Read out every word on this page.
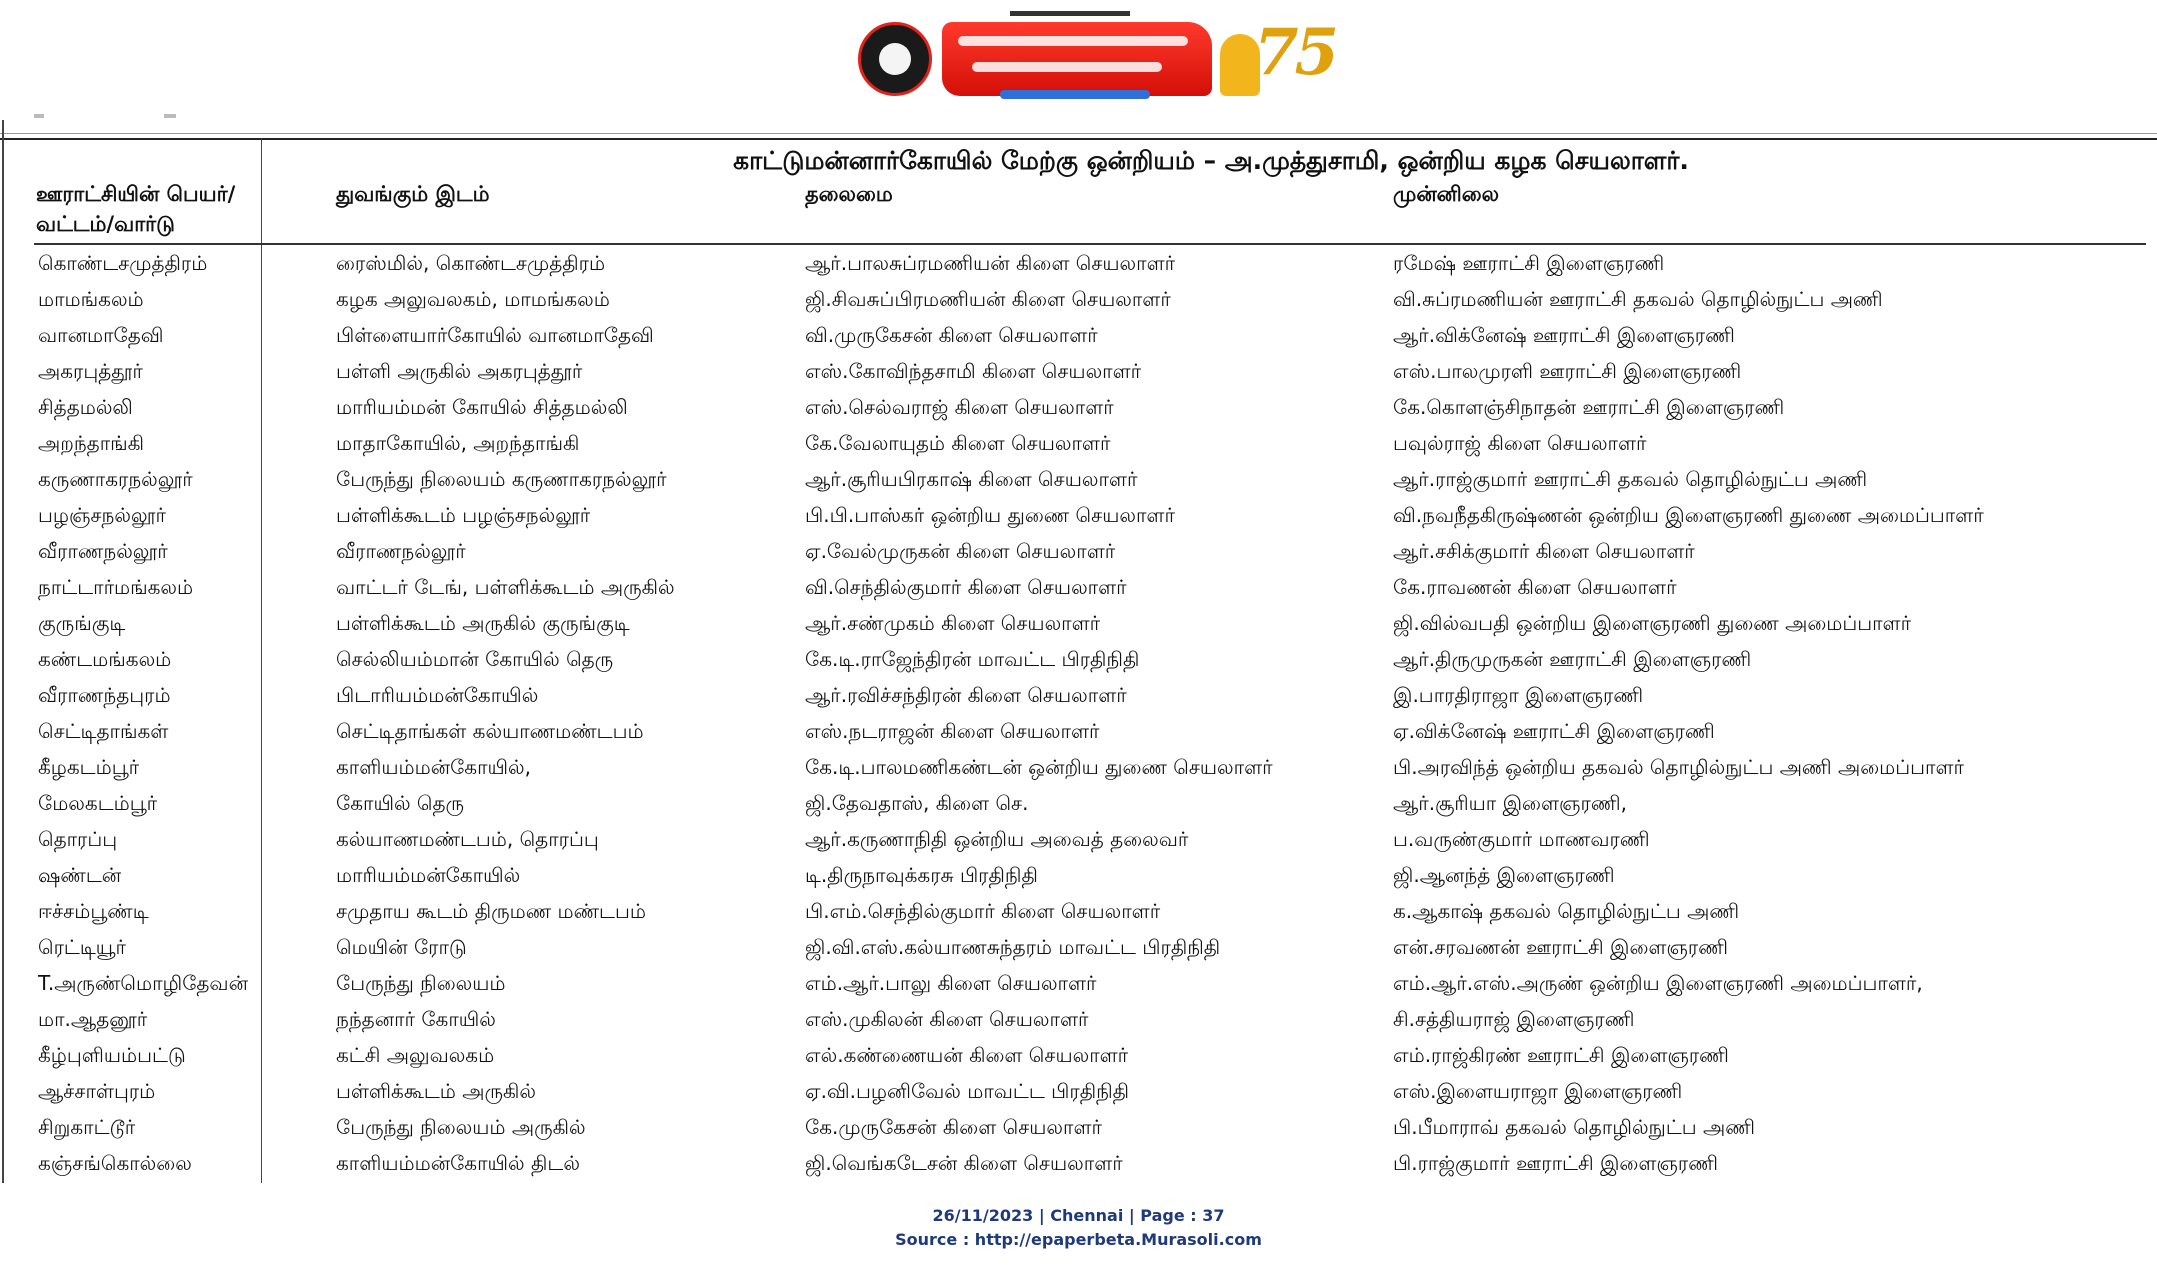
75
காட்டுமன்னார்கோயில் மேற்கு ஒன்றியம் – அ.முத்துசாமி, ஒன்றிய கழக செயலாளர்.
ஊராட்சியின் பெயர்/
வட்டம்/வார்டு
துவங்கும் இடம்	தலைமை	முன்னிலை
கொண்டசமுத்திரம்	ரைஸ்மில், கொண்டசமுத்திரம்	ஆர்.பாலசுப்ரமணியன் கிளை செயலாளர்	ரமேஷ் ஊராட்சி இளைஞரணி
மாமங்கலம்	கழக அலுவலகம், மாமங்கலம்	ஜி.சிவசுப்பிரமணியன் கிளை செயலாளர்	வி.சுப்ரமணியன் ஊராட்சி தகவல் தொழில்நுட்ப அணி
வானமாதேவி	பிள்ளையார்கோயில் வானமாதேவி	வி.முருகேசன் கிளை செயலாளர்	ஆர்.விக்னேஷ் ஊராட்சி இளைஞரணி
அகரபுத்தூர்	பள்ளி அருகில் அகரபுத்தூர்	எஸ்.கோவிந்தசாமி கிளை செயலாளர்	எஸ்.பாலமுரளி ஊராட்சி இளைஞரணி
சித்தமல்லி	மாரியம்மன் கோயில் சித்தமல்லி	எஸ்.செல்வராஜ் கிளை செயலாளர்	கே.கொளஞ்சிநாதன் ஊராட்சி இளைஞரணி
அறந்தாங்கி	மாதாகோயில், அறந்தாங்கி	கே.வேலாயுதம் கிளை செயலாளர்	பவுல்ராஜ் கிளை செயலாளர்
கருணாகரநல்லூர்	பேருந்து நிலையம் கருணாகரநல்லூர்	ஆர்.சூரியபிரகாஷ் கிளை செயலாளர்	ஆர்.ராஜ்குமார் ஊராட்சி தகவல் தொழில்நுட்ப அணி
பழஞ்சநல்லூர்	பள்ளிக்கூடம் பழஞ்சநல்லூர்	பி.பி.பாஸ்கர் ஒன்றிய துணை செயலாளர்	வி.நவநீதகிருஷ்ணன் ஒன்றிய இளைஞரணி துணை அமைப்பாளர்
வீராணநல்லூர்	வீராணநல்லூர்	ஏ.வேல்முருகன் கிளை செயலாளர்	ஆர்.சசிக்குமார் கிளை செயலாளர்
நாட்டார்மங்கலம்	வாட்டர் டேங், பள்ளிக்கூடம் அருகில்	வி.செந்தில்குமார் கிளை செயலாளர்	கே.ராவணன் கிளை செயலாளர்
குருங்குடி	பள்ளிக்கூடம் அருகில் குருங்குடி	ஆர்.சண்முகம் கிளை செயலாளர்	ஜி.வில்வபதி ஒன்றிய இளைஞரணி துணை அமைப்பாளர்
கண்டமங்கலம்	செல்லியம்மான் கோயில் தெரு	கே.டி.ராஜேந்திரன் மாவட்ட பிரதிநிதி	ஆர்.திருமுருகன் ஊராட்சி இளைஞரணி
வீராணந்தபுரம்	பிடாரியம்மன்கோயில்	ஆர்.ரவிச்சந்திரன் கிளை செயலாளர்	இ.பாரதிராஜா இளைஞரணி
செட்டிதாங்கள்	செட்டிதாங்கள் கல்யாணமண்டபம்	எஸ்.நடராஜன் கிளை செயலாளர்	ஏ.விக்னேஷ் ஊராட்சி இளைஞரணி
கீழகடம்பூர்	காளியம்மன்கோயில்,	கே.டி.பாலமணிகண்டன் ஒன்றிய துணை செயலாளர்	பி.அரவிந்த் ஒன்றிய தகவல் தொழில்நுட்ப அணி அமைப்பாளர்
மேலகடம்பூர்	கோயில் தெரு	ஜி.தேவதாஸ், கிளை செ.	ஆர்.சூரியா இளைஞரணி,
தொரப்பு	கல்யாணமண்டபம், தொரப்பு	ஆர்.கருணாநிதி ஒன்றிய அவைத் தலைவர்	ப.வருண்குமார் மாணவரணி
ஷண்டன்	மாரியம்மன்கோயில்	டி.திருநாவுக்கரசு பிரதிநிதி	ஜி.ஆனந்த் இளைஞரணி
ஈச்சம்பூண்டி	சமுதாய கூடம் திருமண மண்டபம்	பி.எம்.செந்தில்குமார் கிளை செயலாளர்	க.ஆகாஷ் தகவல் தொழில்நுட்ப அணி
ரெட்டியூர்	மெயின் ரோடு	ஜி.வி.எஸ்.கல்யாணசுந்தரம் மாவட்ட பிரதிநிதி	என்.சரவணன் ஊராட்சி இளைஞரணி
T.அருண்மொழிதேவன்	பேருந்து நிலையம்	எம்.ஆர்.பாலு கிளை செயலாளர்	எம்.ஆர்.எஸ்.அருண் ஒன்றிய இளைஞரணி அமைப்பாளர்,
மா.ஆதனூர்	நந்தனார் கோயில்	எஸ்.முகிலன் கிளை செயலாளர்	சி.சத்தியராஜ் இளைஞரணி
கீழ்புளியம்பட்டு	கட்சி அலுவலகம்	எல்.கண்ணையன் கிளை செயலாளர்	எம்.ராஜ்கிரண் ஊராட்சி இளைஞரணி
ஆச்சாள்புரம்	பள்ளிக்கூடம் அருகில்	ஏ.வி.பழனிவேல் மாவட்ட பிரதிநிதி	எஸ்.இளையராஜா இளைஞரணி
சிறுகாட்டூர்	பேருந்து நிலையம் அருகில்	கே.முருகேசன் கிளை செயலாளர்	பி.பீமாராவ் தகவல் தொழில்நுட்ப அணி
கஞ்சங்கொல்லை	காளியம்மன்கோயில் திடல்	ஜி.வெங்கடேசன் கிளை செயலாளர்	பி.ராஜ்குமார் ஊராட்சி இளைஞரணி
26/11/2023 | Chennai | Page : 37
Source : http://epaperbeta.Murasoli.com
